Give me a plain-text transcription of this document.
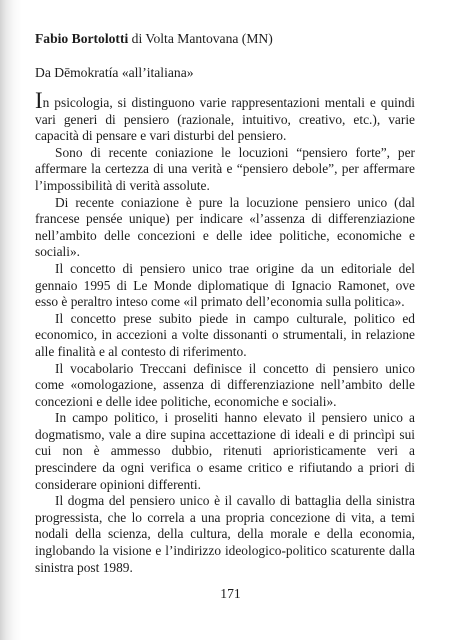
Fabio Bortolotti di Volta Mantovana (MN)
Da Dēmokratía «all’italiana»

In psicologia, si distinguono varie rappresentazioni mentali e quindi vari generi di pensiero (razionale, intuitivo, creativo, etc.), varie capacità di pensare e vari disturbi del pensiero.

Sono di recente coniazione le locuzioni “pensiero forte”, per affermare la certezza di una verità e “pensiero debole”, per affermare l’impossibilità di verità assolute.

Di recente coniazione è pure la locuzione pensiero unico (dal francese pensée unique) per indicare «l’assenza di differenziazione nell’ambito delle concezioni e delle idee politiche, economiche e sociali».

Il concetto di pensiero unico trae origine da un editoriale del gennaio 1995 di Le Monde diplomatique di Ignacio Ramonet, ove esso è peraltro inteso come «il primato dell’economia sulla politica».

Il concetto prese subito piede in campo culturale, politico ed economico, in accezioni a volte dissonanti o strumentali, in relazione alle finalità e al contesto di riferimento.

Il vocabolario Treccani definisce il concetto di pensiero unico come «omologazione, assenza di differenziazione nell’ambito delle concezioni e delle idee politiche, economiche e sociali».

In campo politico, i proseliti hanno elevato il pensiero unico a dogmatismo, vale a dire supina accettazione di ideali e di princìpi sui cui non è ammesso dubbio, ritenuti aprioristicamente veri a prescindere da ogni verifica o esame critico e rifiutando a priori di considerare opinioni differenti.

Il dogma del pensiero unico è il cavallo di battaglia della sinistra progressista, che lo correla a una propria concezione di vita, a temi nodali della scienza, della cultura, della morale e della economia, inglobando la visione e l’indirizzo ideologico-politico scaturente dalla sinistra post 1989.

171
